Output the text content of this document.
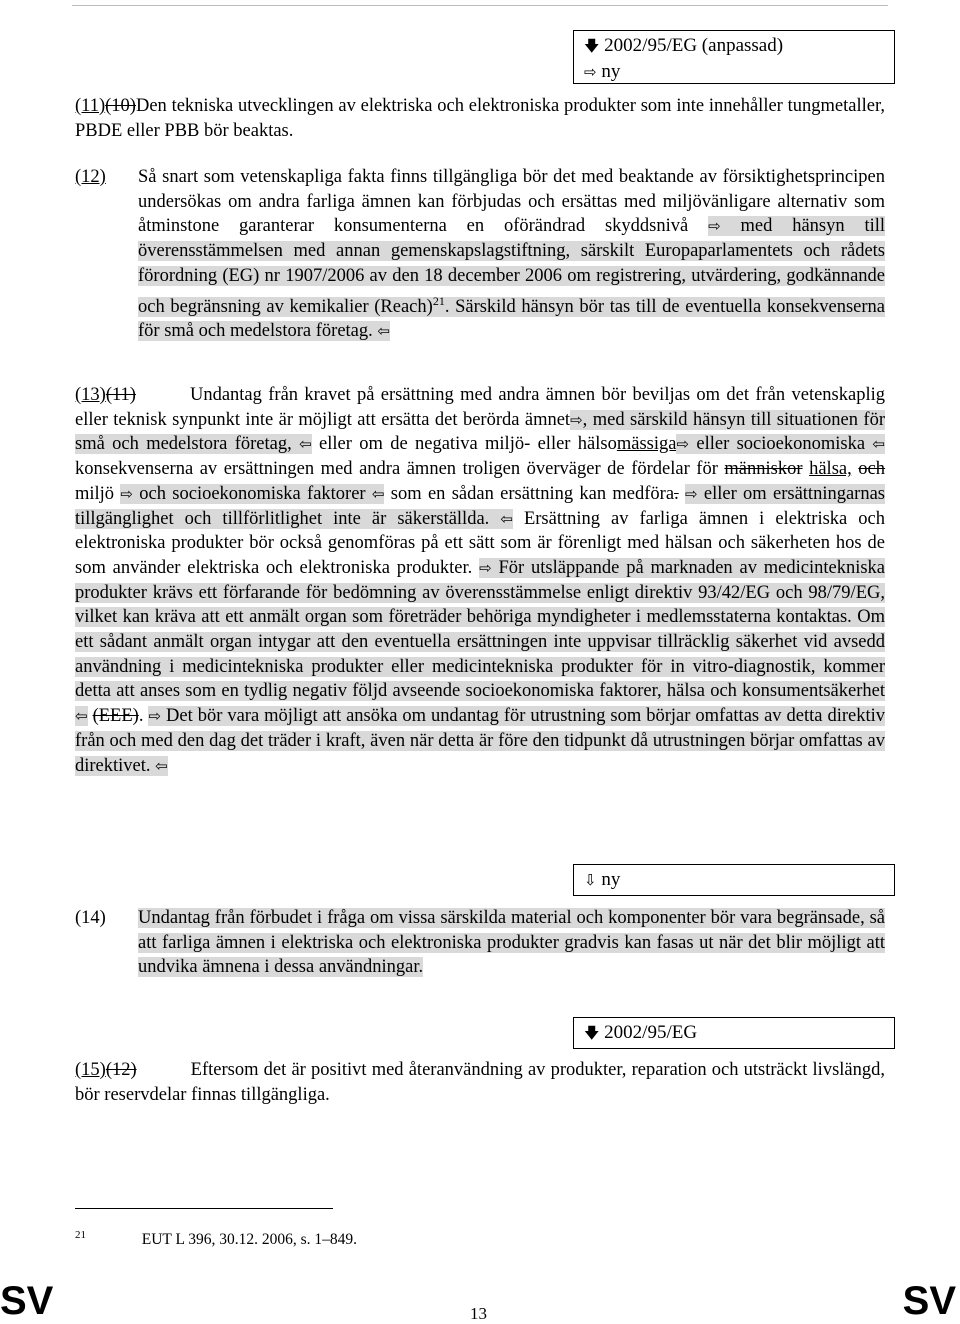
🡇 2002/95/EG (anpassad)
⇨ ny
(11)(10)Den tekniska utvecklingen av elektriska och elektroniska produkter som inte innehåller tungmetaller, PBDE eller PBB bör beaktas.
(12) Så snart som vetenskapliga fakta finns tillgängliga bör det med beaktande av försiktighetsprincipen undersökas om andra farliga ämnen kan förbjudas och ersättas med miljövänligare alternativ som åtminstone garanterar konsumenterna en oförändrad skyddsnivå ⇨ med hänsyn till överensstämmelsen med annan gemenskapslagstiftning, särskilt Europaparlamentets och rådets förordning (EG) nr 1907/2006 av den 18 december 2006 om registrering, utvärdering, godkännande och begränsning av kemikalier (Reach)$^{21}$. Särskild hänsyn bör tas till de eventuella konsekvenserna för små och medelstora företag. ⇦
(13)(11)	Undantag från kravet på ersättning med andra ämnen bör beviljas om det från vetenskaplig eller teknisk synpunkt inte är möjligt att ersätta det berörda ämnet⇨, med särskild hänsyn till situationen för små och medelstora företag, ⇦ eller om de negativa miljö- eller hälsomässiga⇨ eller socioekonomiska ⇦ konsekvenserna av ersättningen med andra ämnen troligen överväger de fördelar för människor hälsa, och miljö ⇨ och socioekonomiska faktorer ⇦ som en sådan ersättning kan medföra. ⇨ eller om ersättningarnas tillgänglighet och tillförlitlighet inte är säkerställda. ⇦ Ersättning av farliga ämnen i elektriska och elektroniska produkter bör också genomföras på ett sätt som är förenligt med hälsan och säkerheten hos de som använder elektriska och elektroniska produkter. ⇨ För utsläppande på marknaden av medicintekniska produkter krävs ett förfarande för bedömning av överensstämmelse enligt direktiv 93/42/EG och 98/79/EG, vilket kan kräva att ett anmält organ som företräder behöriga myndigheter i medlemsstaterna kontaktas. Om ett sådant anmält organ intygar att den eventuella ersättningen inte uppvisar tillräcklig säkerhet vid avsedd användning i medicintekniska produkter eller medicintekniska produkter för in vitro-diagnostik, kommer detta att anses som en tydlig negativ följd avseende socioekonomiska faktorer, hälsa och konsumentsäkerhet ⇦ (EEE). ⇨ Det bör vara möjligt att ansöka om undantag för utrustning som börjar omfattas av detta direktiv från och med den dag det träder i kraft, även när detta är före den tidpunkt då utrustningen börjar omfattas av direktivet. ⇦
⇩ ny
(14) Undantag från förbudet i fråga om vissa särskilda material och komponenter bör vara begränsade, så att farliga ämnen i elektriska och elektroniska produkter gradvis kan fasas ut när det blir möjligt att undvika ämnena i dessa användningar.
🡇 2002/95/EG
(15)(12)	Eftersom det är positivt med återanvändning av produkter, reparation och utsträckt livslängd, bör reservdelar finnas tillgängliga.
$^{21}$	EUT L 396, 30.12. 2006, s. 1–849.
SV	13	SV
